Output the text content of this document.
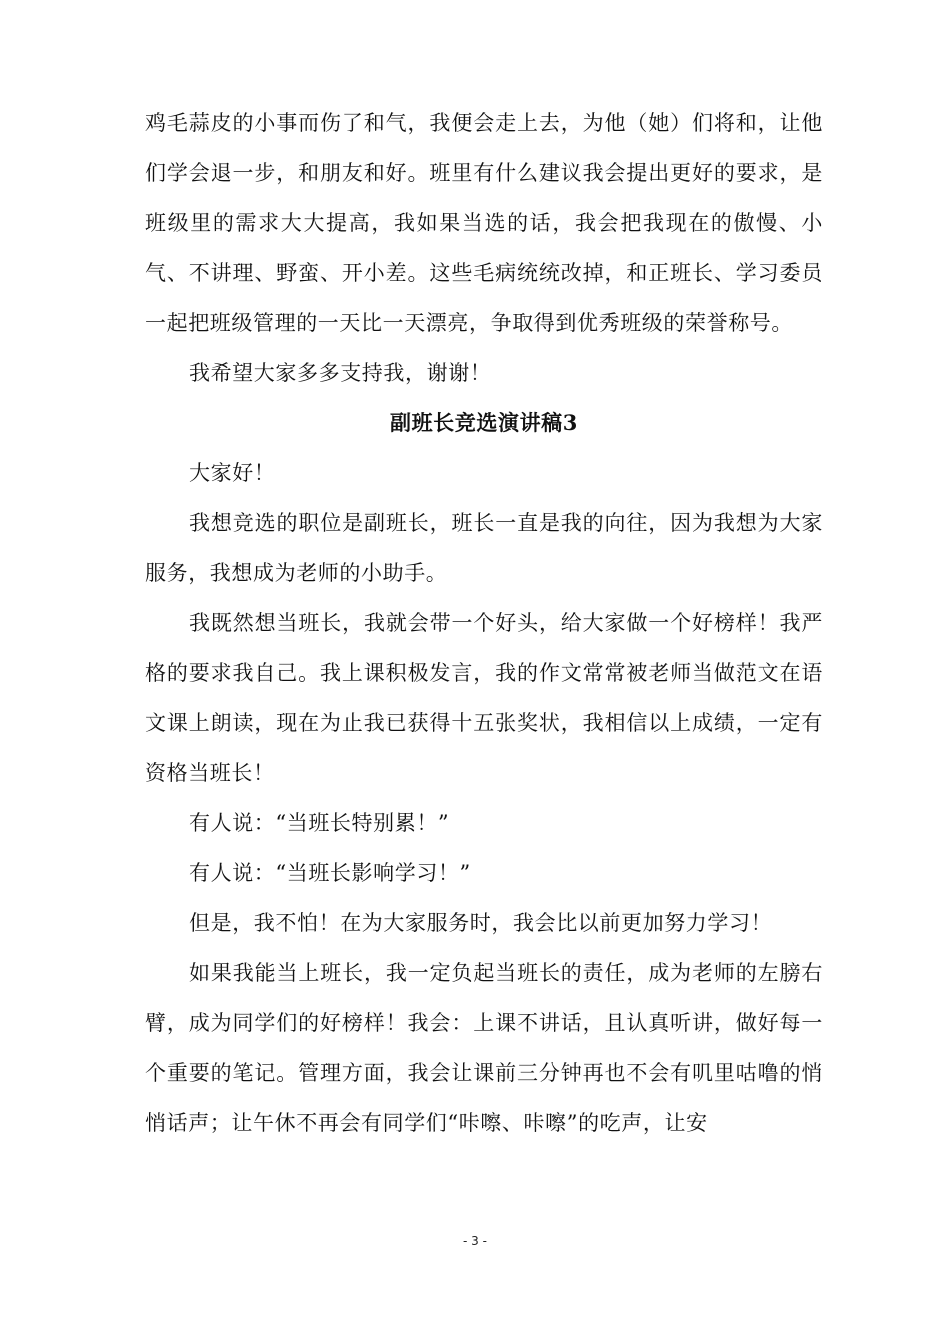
鸡毛蒜皮的小事而伤了和气，我便会走上去，为他（她）们将和，让他们学会退一步，和朋友和好。班里有什么建议我会提出更好的要求，是班级里的需求大大提高，我如果当选的话，我会把我现在的傲慢、小气、不讲理、野蛮、开小差。这些毛病统统改掉，和正班长、学习委员一起把班级管理的一天比一天漂亮，争取得到优秀班级的荣誉称号。

我希望大家多多支持我，谢谢！

副班长竞选演讲稿3

大家好！

我想竞选的职位是副班长，班长一直是我的向往，因为我想为大家服务，我想成为老师的小助手。

我既然想当班长，我就会带一个好头，给大家做一个好榜样！我严格的要求我自己。我上课积极发言，我的作文常常被老师当做范文在语文课上朗读，现在为止我已获得十五张奖状，我相信以上成绩，一定有资格当班长！

有人说：“当班长特别累！”

有人说：“当班长影响学习！”

但是，我不怕！在为大家服务时，我会比以前更加努力学习！

如果我能当上班长，我一定负起当班长的责任，成为老师的左膀右臂，成为同学们的好榜样！我会：上课不讲话，且认真听讲，做好每一个重要的笔记。管理方面，我会让课前三分钟再也不会有叽里咕噜的悄悄话声；让午休不再会有同学们“咔嚓、咔嚓”的吃声，让安

- 3 -
